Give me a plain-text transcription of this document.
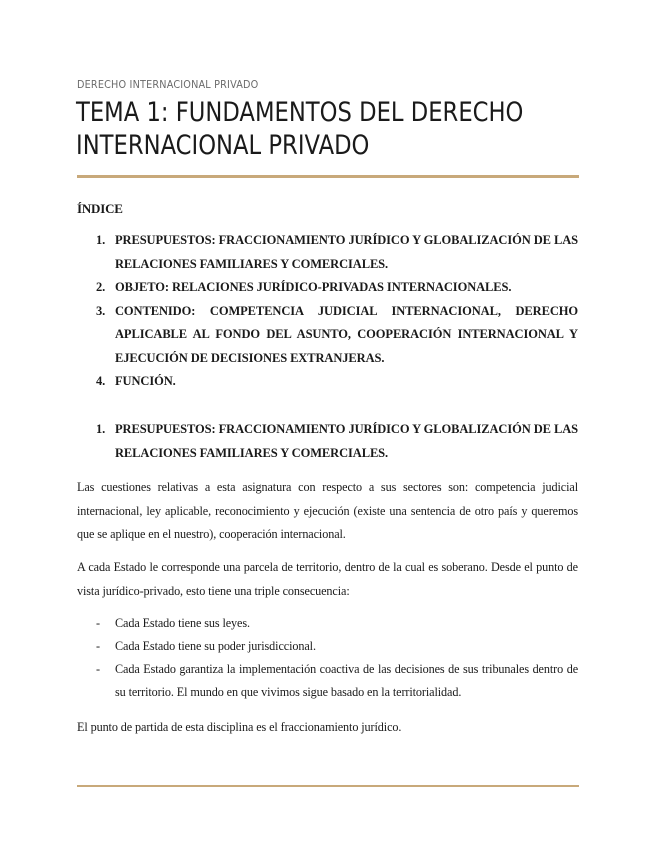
DERECHO INTERNACIONAL PRIVADO
TEMA 1: FUNDAMENTOS DEL DERECHO INTERNACIONAL PRIVADO
ÍNDICE
1. PRESUPUESTOS: FRACCIONAMIENTO JURÍDICO Y GLOBALIZACIÓN DE LAS RELACIONES FAMILIARES Y COMERCIALES.
2. OBJETO: RELACIONES JURÍDICO-PRIVADAS INTERNACIONALES.
3. CONTENIDO: COMPETENCIA JUDICIAL INTERNACIONAL, DERECHO APLICABLE AL FONDO DEL ASUNTO, COOPERACIÓN INTERNACIONAL Y EJECUCIÓN DE DECISIONES EXTRANJERAS.
4. FUNCIÓN.
1. PRESUPUESTOS: FRACCIONAMIENTO JURÍDICO Y GLOBALIZACIÓN DE LAS RELACIONES FAMILIARES Y COMERCIALES.

Las cuestiones relativas a esta asignatura con respecto a sus sectores son: competencia judicial internacional, ley aplicable, reconocimiento y ejecución (existe una sentencia de otro país y queremos que se aplique en el nuestro), cooperación internacional.

A cada Estado le corresponde una parcela de territorio, dentro de la cual es soberano. Desde el punto de vista jurídico-privado, esto tiene una triple consecuencia:

- Cada Estado tiene sus leyes.
- Cada Estado tiene su poder jurisdiccional.
- Cada Estado garantiza la implementación coactiva de las decisiones de sus tribunales dentro de su territorio. El mundo en que vivimos sigue basado en la territorialidad.

El punto de partida de esta disciplina es el fraccionamiento jurídico.
